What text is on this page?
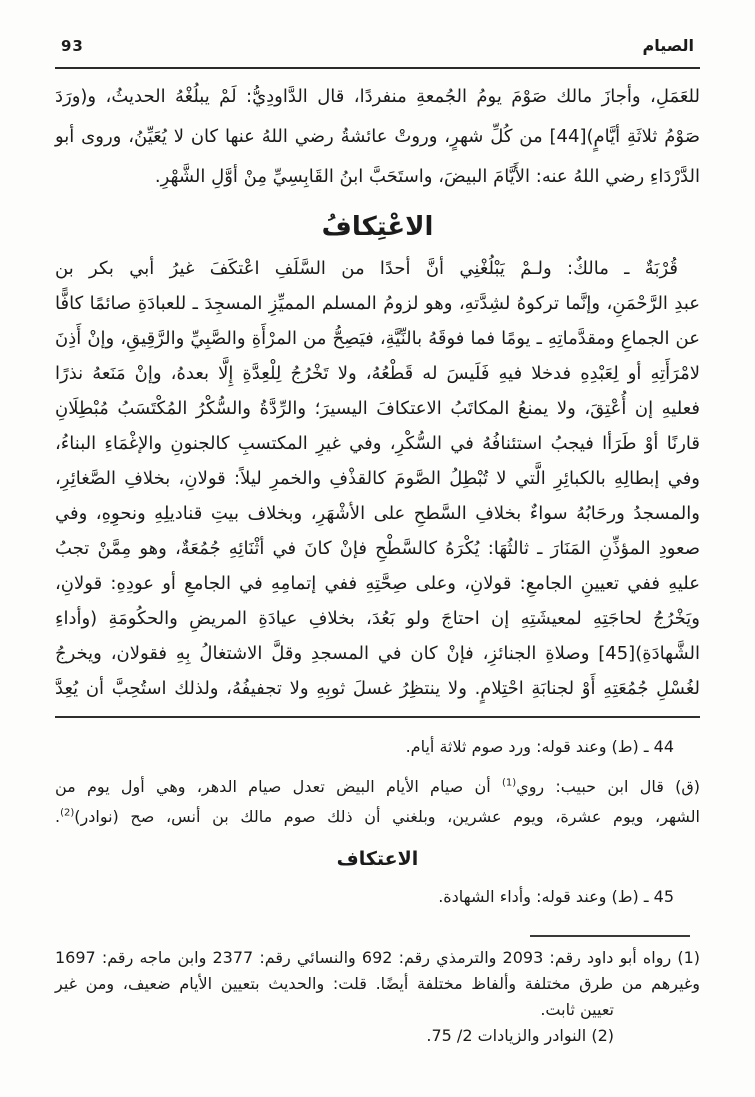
الصيام
93
للعَمَلِ، وأجازَ مالك صَوْمَ يومُ الجُمعةِ منفردًا، قال الدَّاودِيُّ: لَمْ يبلُغْهُ الحديثُ، و(ورَدَ
صَوْمُ ثلاثَةِ أيَّامٍ)[44] من كُلِّ شهرٍ، وروتْ عائشةُ رضي اللهُ عنها كان لا يُعَيِّنُ، وروى أبو
الدَّرْدَاءِ رضي اللهُ عنه: الأَيَّامَ البيضَ، واستَحَبَّ ابنُ القَابِسِيِّ مِنْ أوَّلِ الشَّهْرِ.
الاعْتِكافُ
قُرْبَةٌ ـ مالكٌ: ولـمْ يَبْلُغْنِي أنَّ أحدًا من السَّلَفِ اعْتكَفَ غيرُ أبي بكر بن
عبدِ الرَّحْمَنِ، وإنَّما تركوهُ لشِدَّتهِ، وهو لزومُ المسلم المميِّزِ المسجِدَ ـ للعبادَةِ صائمًا كافًّا
عن الجماعِ ومقدَّماتِهِ ـ يومًا فما فوقَهُ بالنِّيَّةِ، فيَصِحُّ من المرْأَةِ والصَّبِيِّ والرَّقِيقِ، وإنْ أَذِنَ
لامْرَأَتِهِ أو لِعَبْدِهِ فدخلا فيهِ فَلَيسَ له قَطْعُهُ، ولا تَخْرُجُ لِلْعِدَّةِ إِلَّا بعدهُ، وإنْ مَنَعهُ نذرًا
فعليهِ إن أُعْتِقَ، ولا يمنعُ المكاتَبُ الاعتكافَ اليسيرَ؛ والرِّدَّةُ والسُّكْرُ المُكْتَسَبُ مُبْطِلَانِ
قارنًا أوْ طَرَأا فيجبُ استئنافُهُ في السُّكْرِ، وفي غيرِ المكتسبِ كالجنونِ والإغْمَاءِ البناءُ،
وفي إبطالِهِ بالكبائِرِ الَّتي لا تُبْطِلُ الصَّومَ كالقذْفِ والخمرِ ليلاً: قولانِ، بخلافِ الصَّغائِرِ،
والمسجدُ ورحَابُهُ سواءٌ بخلافِ السَّطحِ على الأشْهَرِ، وبخلاف بيتِ قناديلِهِ ونحوِهِ، وفي
صعودِ المؤذِّنِ المَنَارَ ـ ثالثُهَا: يُكْرَهُ كالسَّطْحِ فإنْ كانَ في أثْنَائِهِ جُمُعَةٌ، وهو مِمَّنْ تجبُ
عليهِ ففي تعيينِ الجامعِ: قولانِ، وعلى صِحَّتِهِ ففي إتمامِهِ في الجامعِ أو عودِهِ: قولانِ،
ويَخْرُجُ لحاجَتِهِ لمعيشَتِهِ إن احتاجَ ولو بَعُدَ، بخلافِ عيادَةِ المريضِ والحكُومَةِ (وأداءِ
الشَّهادَةِ)[45] وصلاةِ الجنائزِ، فإنْ كان في المسجدِ وقلَّ الاشتغالُ بِهِ فقولان، ويخرجُ
لغُسْلِ جُمُعَتِهِ أَوْ لجنابَةِ احْتِلامٍ. ولا ينتظِرُ غسلَ ثوبِهِ ولا تجفيفُهُ، ولذلك استُحِبَّ أن يُعِدَّ
44 ـ (ط) وعند قوله: ورد صوم ثلاثة أيام.
(ق) قال ابن حبيب: روي$^{(1)}$ أن صيام الأيام البيض تعدل صيام الدهر، وهي أول يوم من
الشهر، ويوم عشرة، ويوم عشرين، وبلغني أن ذلك صوم مالك بن أنس، صح (نوادر)$^{(2)}$.
الاعتكاف
45 ـ (ط) وعند قوله: وأداء الشهادة.
(1) رواه أبو داود رقم: 2093 والترمذي رقم: 692 والنسائي رقم: 2377 وابن ماجه رقم: 1697
وغيرهم من طرق مختلفة وألفاظ مختلفة أيضًا. قلت: والحديث بتعيين الأيام ضعيف، ومن غير
تعيين ثابت.
(2) النوادر والزيادات 2/ 75.
